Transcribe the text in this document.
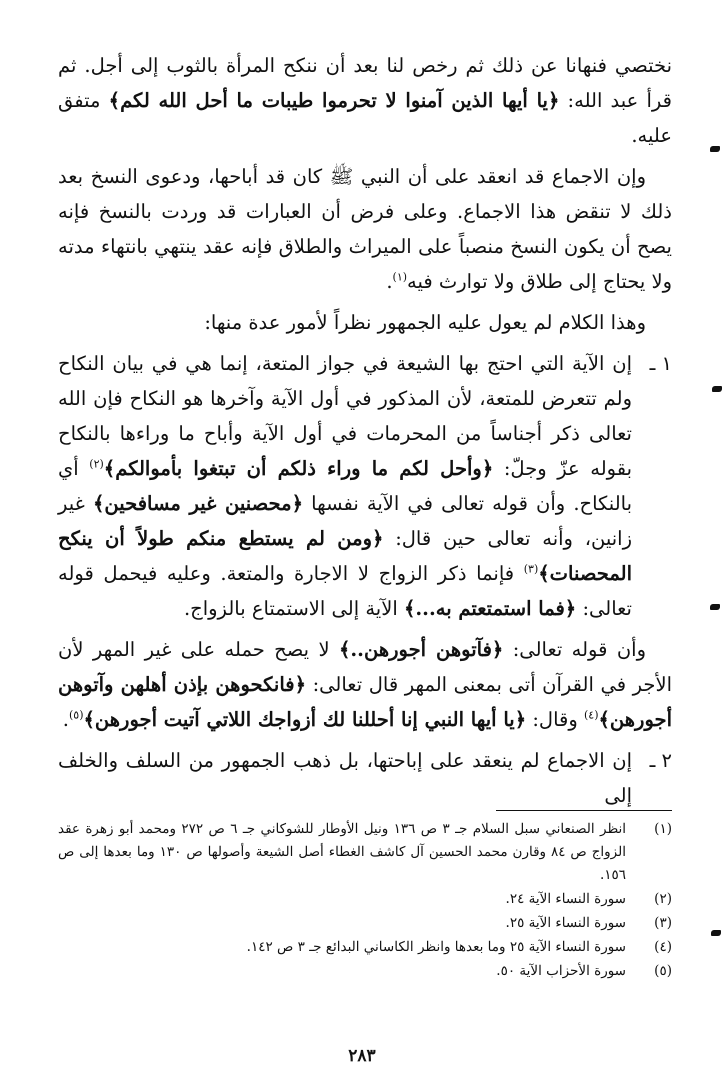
نختصي فنهانا عن ذلك ثم رخص لنا بعد أن ننكح المرأة بالثوب إلى أجل. ثم قرأ عبد الله: ﴿يا أيها الذين آمنوا لا تحرموا طيبات ما أحل الله لكم﴾ متفق عليه.

وإن الاجماع قد انعقد على أن النبي ﷺ كان قد أباحها، ودعوى النسخ بعد ذلك لا تنقض هذا الاجماع. وعلى فرض أن العبارات قد وردت بالنسخ فإنه يصح أن يكون النسخ منصباً على الميراث والطلاق فإنه عقد ينتهي بانتهاء مدته ولا يحتاج إلى طلاق ولا توارث فيه$^{(١)}$.

وهذا الكلام لم يعول عليه الجمهور نظراً لأمور عدة منها:

١ ـ

إن الآية التي احتج بها الشيعة في جواز المتعة، إنما هي في بيان النكاح ولم تتعرض للمتعة، لأن المذكور في أول الآية وآخرها هو النكاح فإن الله تعالى ذكر أجناساً من المحرمات في أول الآية وأباح ما وراءها بالنكاح بقوله عزّ وجلّ: ﴿وأحل لكم ما وراء ذلكم أن تبتغوا بأموالكم﴾$^{(٢)}$ أي بالنكاح. وأن قوله تعالى في الآية نفسها ﴿محصنين غير مسافحين﴾ غير زانين، وأنه تعالى حين قال: ﴿ومن لم يستطع منكم طولاً أن ينكح المحصنات﴾$^{(٣)}$ فإنما ذكر الزواج لا الاجارة والمتعة. وعليه فيحمل قوله تعالى: ﴿فما استمتعتم به...﴾ الآية إلى الاستمتاع بالزواج.

وأن قوله تعالى: ﴿فآتوهن أجورهن..﴾ لا يصح حمله على غير المهر لأن الأجر في القرآن أتى بمعنى المهر قال تعالى: ﴿فانكحوهن بإذن أهلهن وآتوهن أجورهن﴾$^{(٤)}$ وقال: ﴿يا أيها النبي إنا أحللنا لك أزواجك اللاتي آتيت أجورهن﴾$^{(٥)}$.

٢ ـ

إن الاجماع لم ينعقد على إباحتها، بل ذهب الجمهور من السلف والخلف إلى

(١)
انظر الصنعاني سبل السلام جـ ٣ ص ١٣٦ ونيل الأوطار للشوكاني جـ ٦ ص ٢٧٢ ومحمد أبو زهرة عقد الزواج ص ٨٤ وقارن محمد الحسين آل كاشف الغطاء أصل الشيعة وأصولها ص ١٣٠ وما بعدها إلى ص ١٥٦.
(٢)
سورة النساء الآية ٢٤.
(٣)
سورة النساء الآية ٢٥.
(٤)
سورة النساء الآية ٢٥ وما بعدها وانظر الكاساني البدائع جـ ٣ ص ١٤٢.
(٥)
سورة الأحزاب الآية ٥٠.
٢٨٣
